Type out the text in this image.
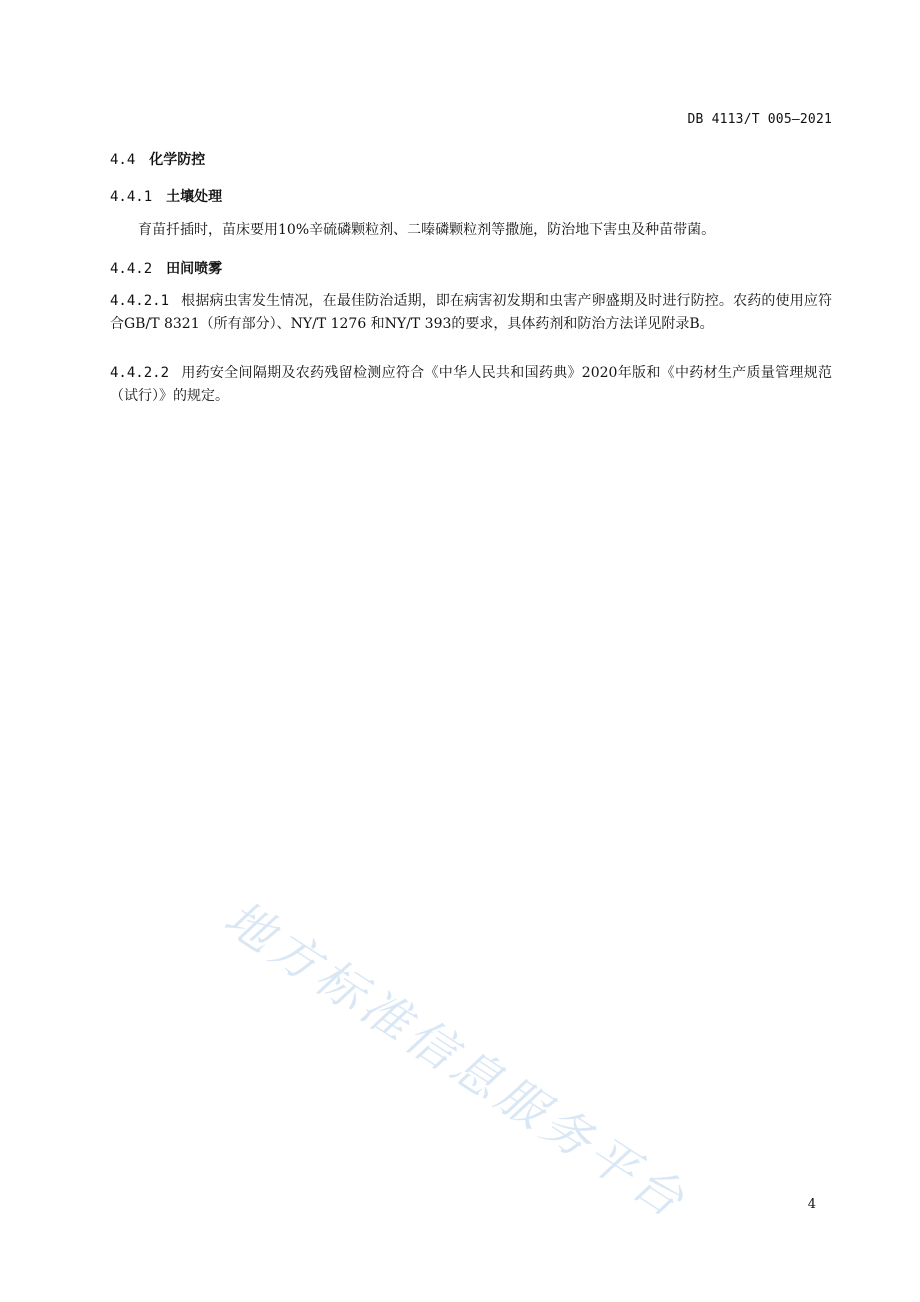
DB 4113/T 005—2021
4.4 化学防控
4.4.1 土壤处理
育苗扦插时，苗床要用10%辛硫磷颗粒剂、二嗪磷颗粒剂等撒施，防治地下害虫及种苗带菌。
4.4.2 田间喷雾
4.4.2.1 根据病虫害发生情况，在最佳防治适期，即在病害初发期和虫害产卵盛期及时进行防控。农药的使用应符合GB/T 8321（所有部分）、NY/T 1276 和NY/T 393的要求，具体药剂和防治方法详见附录B。
4.4.2.2 用药安全间隔期及农药残留检测应符合《中华人民共和国药典》2020年版和《中药材生产质量管理规范（试行）》的规定。
地方标准信息服务平台	4
